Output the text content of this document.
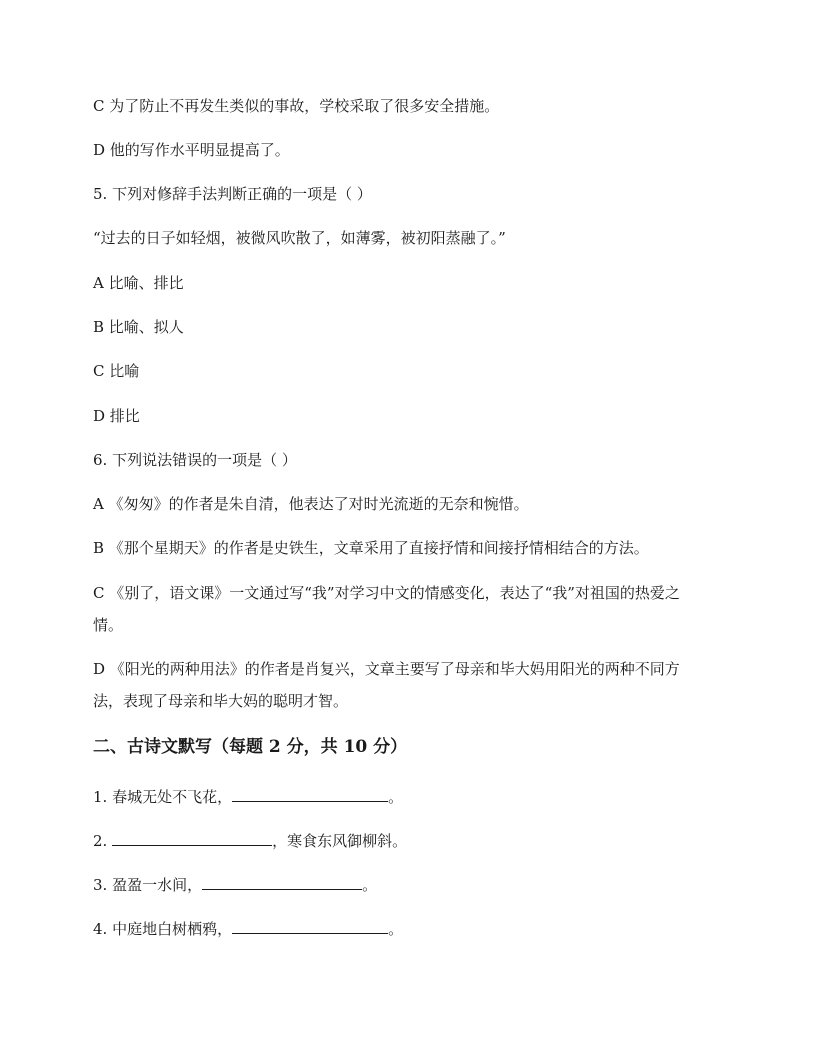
C 为了防止不再发生类似的事故，学校采取了很多安全措施。
D 他的写作水平明显提高了。
5. 下列对修辞手法判断正确的一项是（ ）
“过去的日子如轻烟，被微风吹散了，如薄雾，被初阳蒸融了。”
A 比喻、排比
B 比喻、拟人
C 比喻
D 排比
6. 下列说法错误的一项是（ ）
A 《匆匆》的作者是朱自清，他表达了对时光流逝的无奈和惋惜。
B 《那个星期天》的作者是史铁生，文章采用了直接抒情和间接抒情相结合的方法。
C 《别了，语文课》一文通过写“我”对学习中文的情感变化，表达了“我”对祖国的热爱之
情。
D 《阳光的两种用法》的作者是肖复兴，文章主要写了母亲和毕大妈用阳光的两种不同方
法，表现了母亲和毕大妈的聪明才智。
二、古诗文默写（每题 2 分，共 10 分）
1. 春城无处不飞花，	。
2.	，寒食东风御柳斜。
3. 盈盈一水间，	。
4. 中庭地白树栖鸦，	。
